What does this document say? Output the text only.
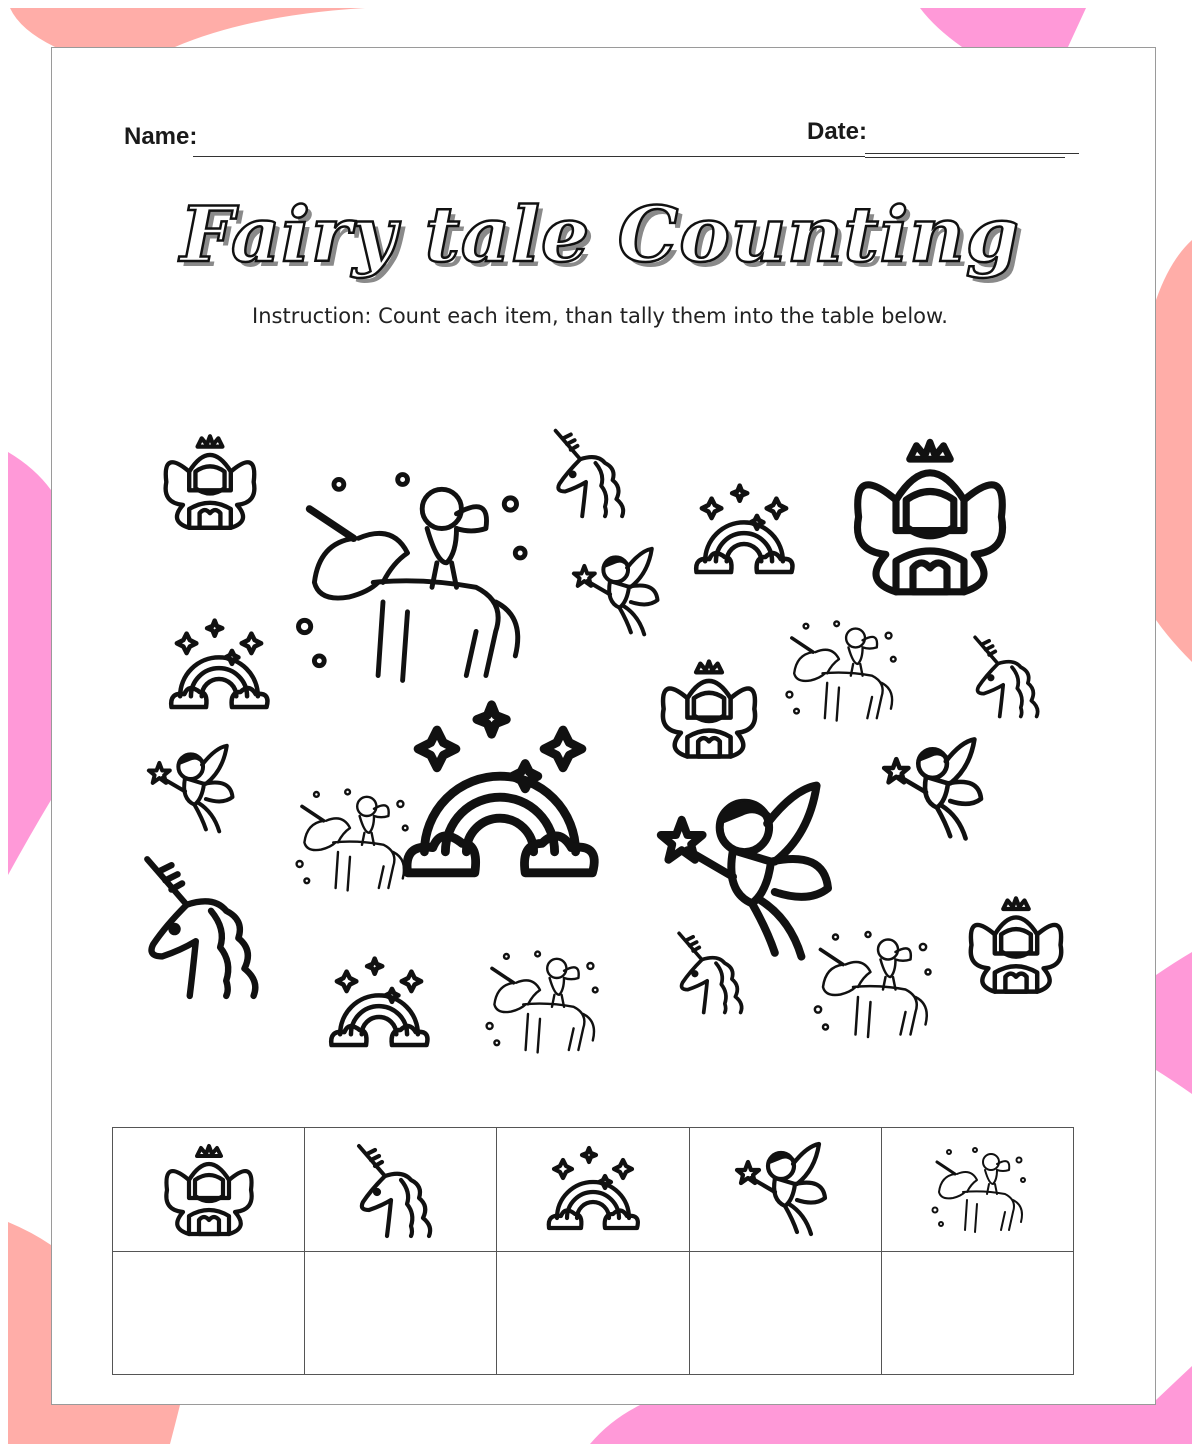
Name:	Date:
Fairy tale Counting
Instruction: Count each item, than tally them into the table below.
